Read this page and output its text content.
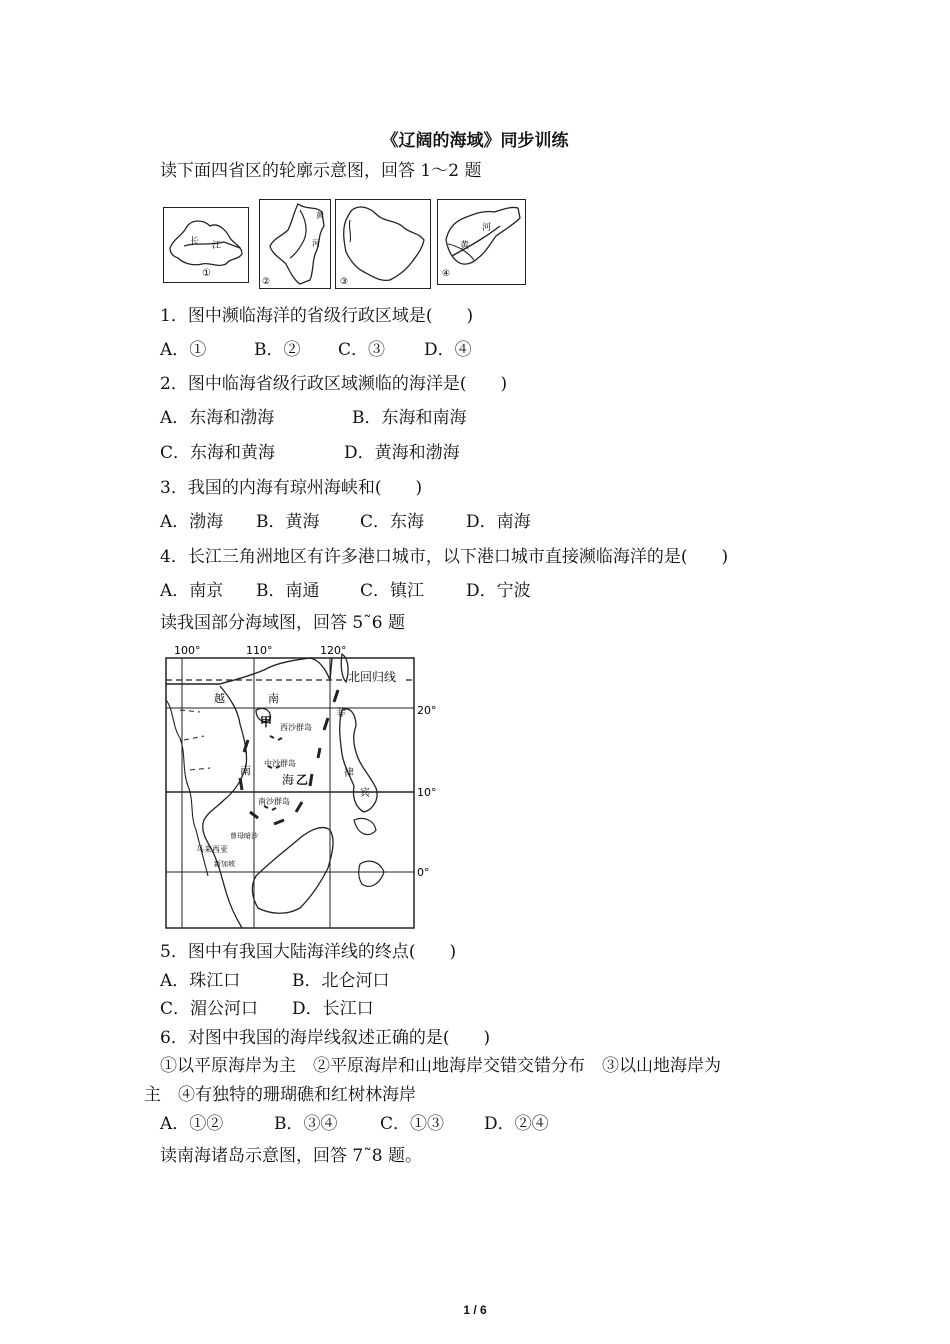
《辽阔的海域》同步训练
读下面四省区的轮廓示意图，回答 1～2 题
长 江
①
黄
河
②	③
河
黄
④
1．图中濒临海洋的省级行政区域是(　　)
A．①	B．② C．③ D．④
2．图中临海省级行政区域濒临的海洋是(　　)
A．东海和渤海	B．东海和南海
C．东海和黄海	D．黄海和渤海
3．我国的内海有琼州海峡和(　　)
A．渤海 B．黄海 C．东海 D．南海
4．长江三角洲地区有许多港口城市，以下港口城市直接濒临海洋的是(　　)
A．南京 B．南通 C．镇江 D．宁波
读我国部分海域图，回答 5˜6 题
100°	110°	120°
20°
10°
0°
北回归线
越	南
甲 西沙群岛
菲
南
中沙群岛
海 乙	律
宾
南沙群岛
曾母暗沙
马来西亚
新加坡
5．图中有我国大陆海洋线的终点(　　)
A．珠江口	B．北仑河口
C．湄公河口 D．长江口
6．对图中我国的海岸线叙述正确的是(　　)
①以平原海岸为主　②平原海岸和山地海岸交错交错分布　③以山地海岸为
主　④有独特的珊瑚礁和红树林海岸
A．①②	B．③④	C．①③ D．②④
读南海诸岛示意图，回答 7˜8 题。
1 / 6
